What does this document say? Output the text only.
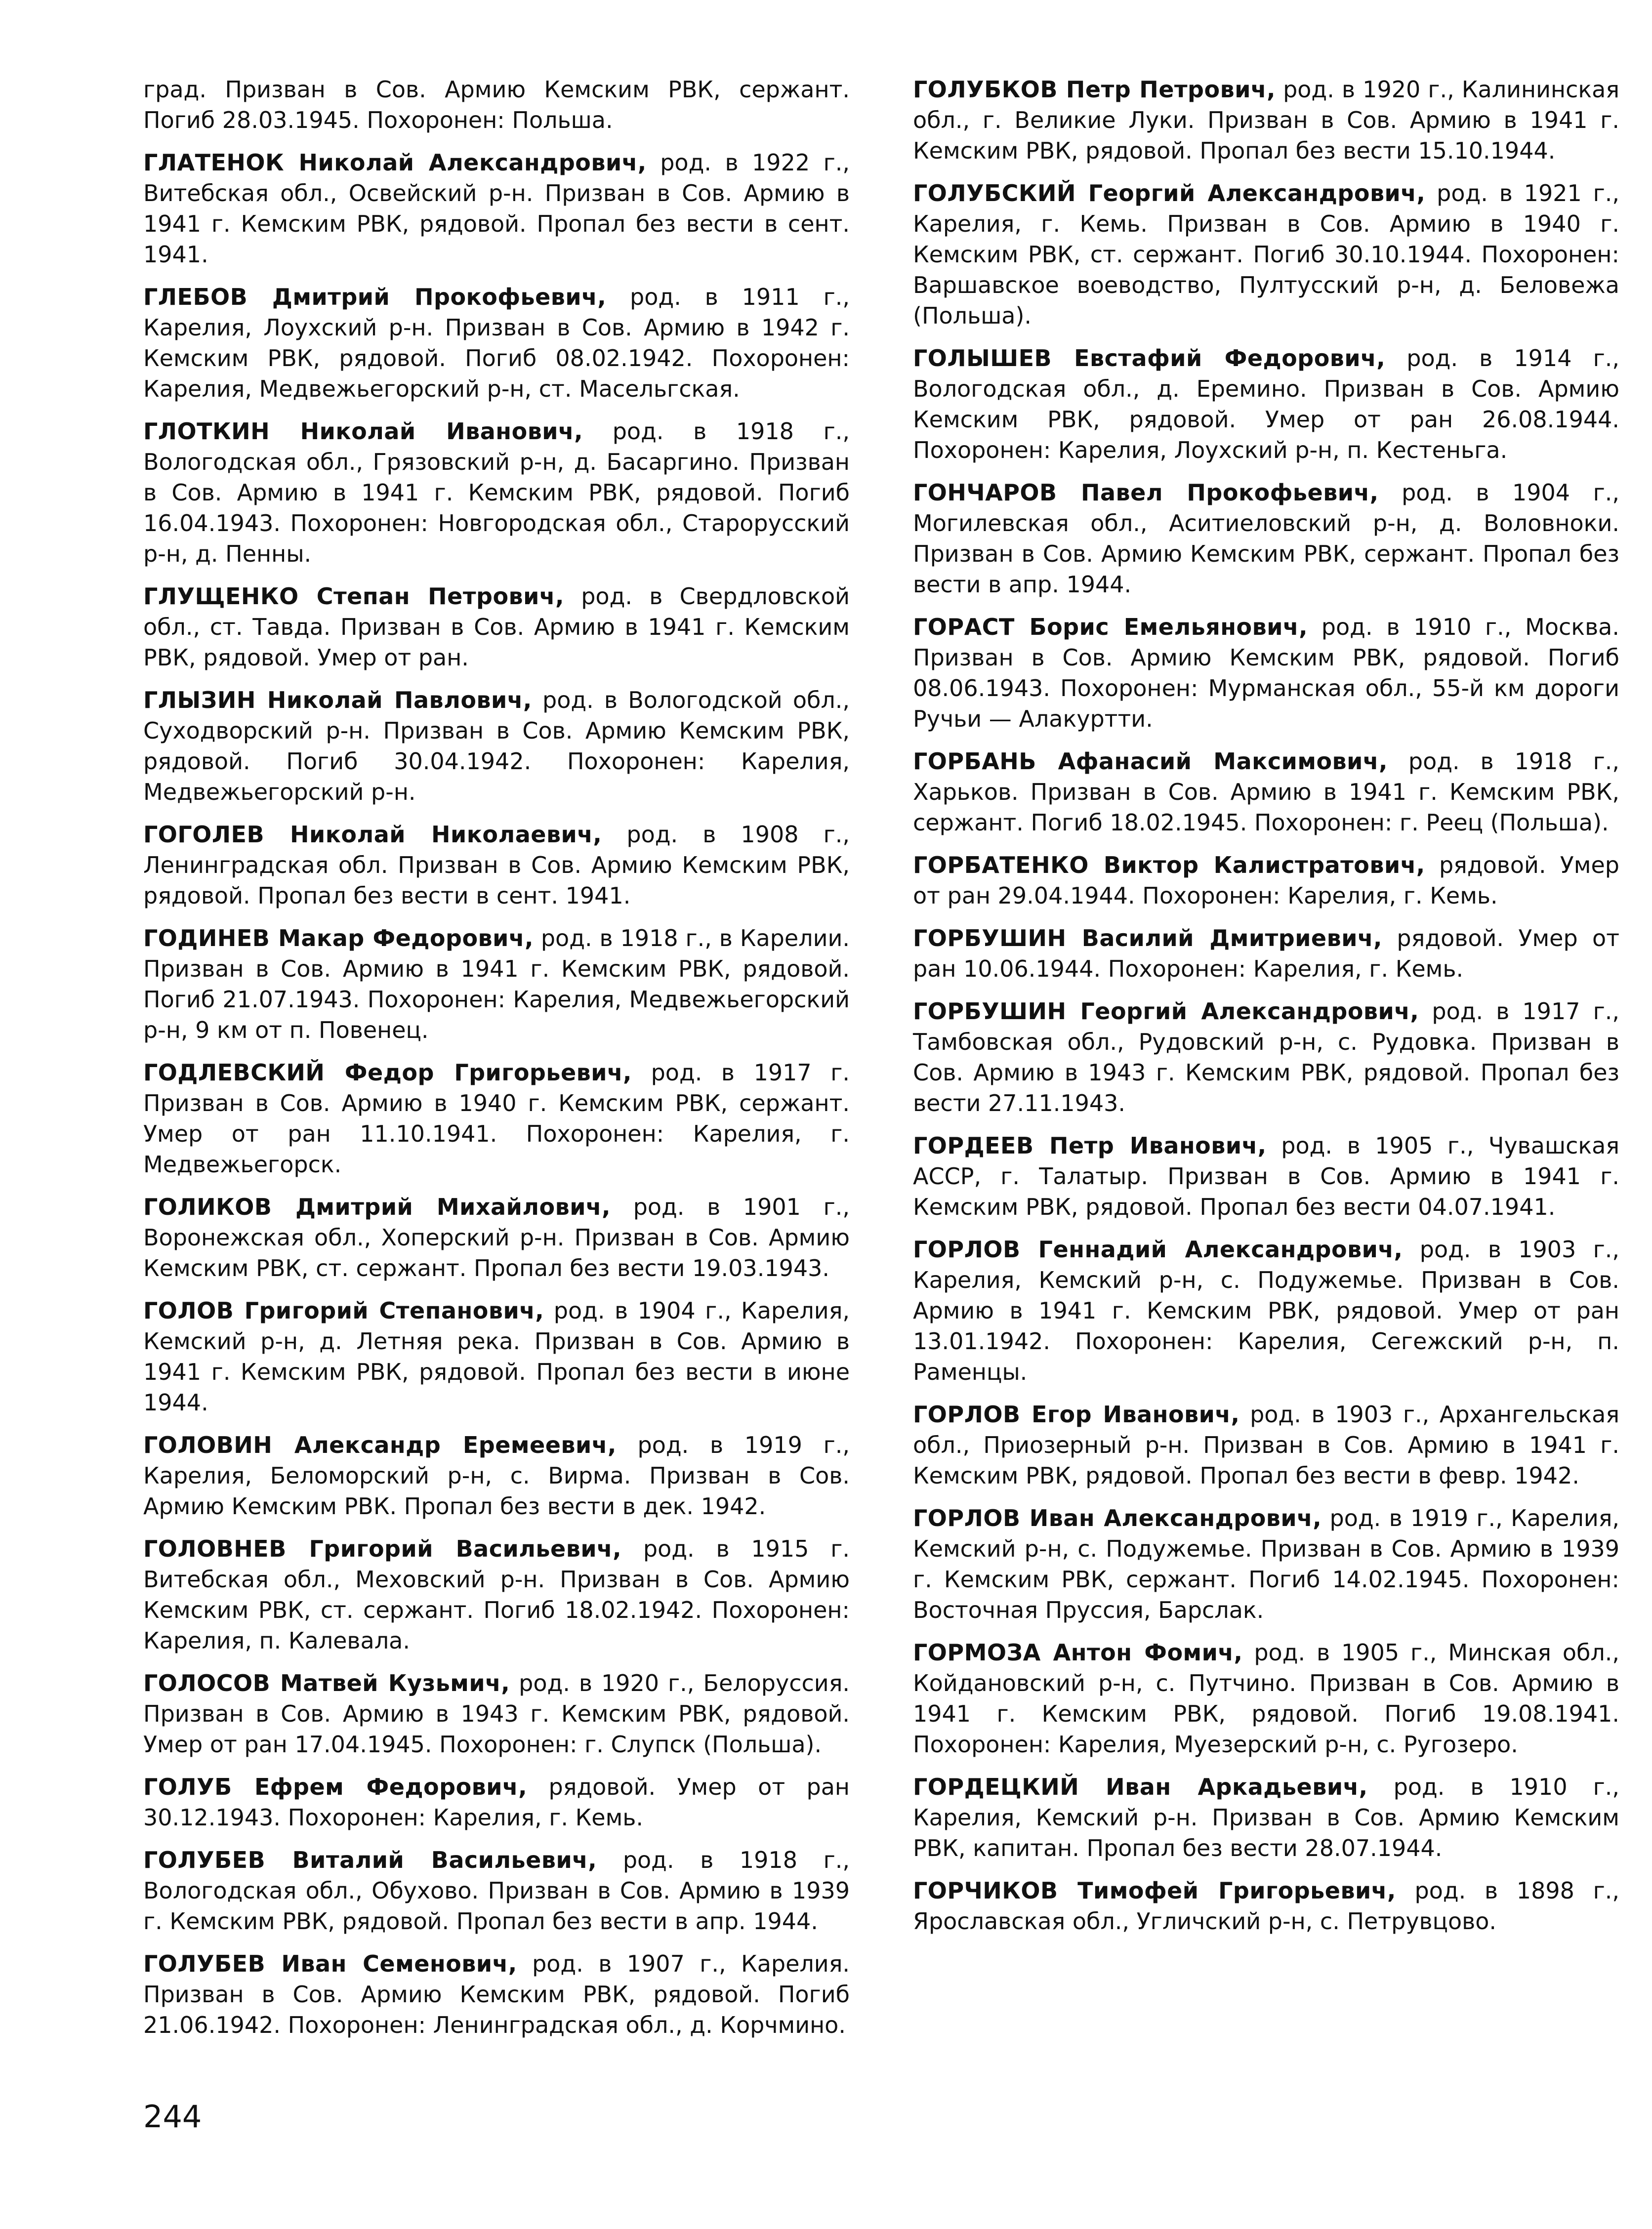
град. Призван в Сов. Армию Кемским РВК, сержант. Погиб 28.03.1945. Похоронен: Польша.

ГЛАТЕНОК Николай Александрович, род. в 1922 г., Витебская обл., Освейский р-н. Призван в Сов. Армию в 1941 г. Кемским РВК, рядовой. Пропал без вести в сент. 1941.

ГЛЕБОВ Дмитрий Прокофьевич, род. в 1911 г., Карелия, Лоухский р-н. Призван в Сов. Армию в 1942 г. Кемским РВК, рядовой. Погиб 08.02.1942. Похоронен: Карелия, Медвежьегорский р-н, ст. Масельгская.

ГЛОТКИН Николай Иванович, род. в 1918 г., Вологодская обл., Грязовский р-н, д. Басаргино. Призван в Сов. Армию в 1941 г. Кемским РВК, рядовой. Погиб 16.04.1943. Похоронен: Новгородская обл., Старорусский р-н, д. Пенны.

ГЛУЩЕНКО Степан Петрович, род. в Свердловской обл., ст. Тавда. Призван в Сов. Армию в 1941 г. Кемским РВК, рядовой. Умер от ран.

ГЛЫЗИН Николай Павлович, род. в Вологодской обл., Суходворский р-н. Призван в Сов. Армию Кемским РВК, рядовой. Погиб 30.04.1942. Похоронен: Карелия, Медвежьегорский р-н.

ГОГОЛЕВ Николай Николаевич, род. в 1908 г., Ленинградская обл. Призван в Сов. Армию Кемским РВК, рядовой. Пропал без вести в сент. 1941.

ГОДИНЕВ Макар Федорович, род. в 1918 г., в Карелии. Призван в Сов. Армию в 1941 г. Кемским РВК, рядовой. Погиб 21.07.1943. Похоронен: Карелия, Медвежьегорский р-н, 9 км от п. Повенец.

ГОДЛЕВСКИЙ Федор Григорьевич, род. в 1917 г. Призван в Сов. Армию в 1940 г. Кемским РВК, сержант. Умер от ран 11.10.1941. Похоронен: Карелия, г. Медвежьегорск.

ГОЛИКОВ Дмитрий Михайлович, род. в 1901 г., Воронежская обл., Хоперский р-н. Призван в Сов. Армию Кемским РВК, ст. сержант. Пропал без вести 19.03.1943.

ГОЛОВ Григорий Степанович, род. в 1904 г., Карелия, Кемский р-н, д. Летняя река. Призван в Сов. Армию в 1941 г. Кемским РВК, рядовой. Пропал без вести в июне 1944.

ГОЛОВИН Александр Еремеевич, род. в 1919 г., Карелия, Беломорский р-н, с. Вирма. Призван в Сов. Армию Кемским РВК. Пропал без вести в дек. 1942.

ГОЛОВНЕВ Григорий Васильевич, род. в 1915 г. Витебская обл., Меховский р-н. Призван в Сов. Армию Кемским РВК, ст. сержант. Погиб 18.02.1942. Похоронен: Карелия, п. Калевала.

ГОЛОСОВ Матвей Кузьмич, род. в 1920 г., Белоруссия. Призван в Сов. Армию в 1943 г. Кемским РВК, рядовой. Умер от ран 17.04.1945. Похоронен: г. Слупск (Польша).

ГОЛУБ Ефрем Федорович, рядовой. Умер от ран 30.12.1943. Похоронен: Карелия, г. Кемь.

ГОЛУБЕВ Виталий Васильевич, род. в 1918 г., Вологодская обл., Обухово. Призван в Сов. Армию в 1939 г. Кемским РВК, рядовой. Пропал без вести в апр. 1944.

ГОЛУБЕВ Иван Семенович, род. в 1907 г., Карелия. Призван в Сов. Армию Кемским РВК, рядовой. Погиб 21.06.1942. Похоронен: Ленинградская обл., д. Корчмино.

ГОЛУБКОВ Петр Петрович, род. в 1920 г., Калининская обл., г. Великие Луки. Призван в Сов. Армию в 1941 г. Кемским РВК, рядовой. Пропал без вести 15.10.1944.

ГОЛУБСКИЙ Георгий Александрович, род. в 1921 г., Карелия, г. Кемь. Призван в Сов. Армию в 1940 г. Кемским РВК, ст. сержант. Погиб 30.10.1944. Похоронен: Варшавское воеводство, Пултусский р-н, д. Беловежа (Польша).

ГОЛЫШЕВ Евстафий Федорович, род. в 1914 г., Вологодская обл., д. Еремино. Призван в Сов. Армию Кемским РВК, рядовой. Умер от ран 26.08.1944. Похоронен: Карелия, Лоухский р-н, п. Кестеньга.

ГОНЧАРОВ Павел Прокофьевич, род. в 1904 г., Могилевская обл., Аситиеловский р-н, д. Воловноки. Призван в Сов. Армию Кемским РВК, сержант. Пропал без вести в апр. 1944.

ГОРАСТ Борис Емельянович, род. в 1910 г., Москва. Призван в Сов. Армию Кемским РВК, рядовой. Погиб 08.06.1943. Похоронен: Мурманская обл., 55-й км дороги Ручьи — Алакуртти.

ГОРБАНЬ Афанасий Максимович, род. в 1918 г., Харьков. Призван в Сов. Армию в 1941 г. Кемским РВК, сержант. Погиб 18.02.1945. Похоронен: г. Реец (Польша).

ГОРБАТЕНКО Виктор Калистратович, рядовой. Умер от ран 29.04.1944. Похоронен: Карелия, г. Кемь.

ГОРБУШИН Василий Дмитриевич, рядовой. Умер от ран 10.06.1944. Похоронен: Карелия, г. Кемь.

ГОРБУШИН Георгий Александрович, род. в 1917 г., Тамбовская обл., Рудовский р-н, с. Рудовка. Призван в Сов. Армию в 1943 г. Кемским РВК, рядовой. Пропал без вести 27.11.1943.

ГОРДЕЕВ Петр Иванович, род. в 1905 г., Чувашская АССР, г. Талатыр. Призван в Сов. Армию в 1941 г. Кемским РВК, рядовой. Пропал без вести 04.07.1941.

ГОРЛОВ Геннадий Александрович, род. в 1903 г., Карелия, Кемский р-н, с. Подужемье. Призван в Сов. Армию в 1941 г. Кемским РВК, рядовой. Умер от ран 13.01.1942. Похоронен: Карелия, Сегежский р-н, п. Раменцы.

ГОРЛОВ Егор Иванович, род. в 1903 г., Архангельская обл., Приозерный р-н. Призван в Сов. Армию в 1941 г. Кемским РВК, рядовой. Пропал без вести в февр. 1942.

ГОРЛОВ Иван Александрович, род. в 1919 г., Карелия, Кемский р-н, с. Подужемье. Призван в Сов. Армию в 1939 г. Кемским РВК, сержант. Погиб 14.02.1945. Похоронен: Восточная Пруссия, Барслак.

ГОРМОЗА Антон Фомич, род. в 1905 г., Минская обл., Койдановский р-н, с. Путчино. Призван в Сов. Армию в 1941 г. Кемским РВК, рядовой. Погиб 19.08.1941. Похоронен: Карелия, Муезерский р-н, с. Ругозеро.

ГОРДЕЦКИЙ Иван Аркадьевич, род. в 1910 г., Карелия, Кемский р-н. Призван в Сов. Армию Кемским РВК, капитан. Пропал без вести 28.07.1944.

ГОРЧИКОВ Тимофей Григорьевич, род. в 1898 г., Ярославская обл., Угличский р-н, с. Петрувцово.

244
